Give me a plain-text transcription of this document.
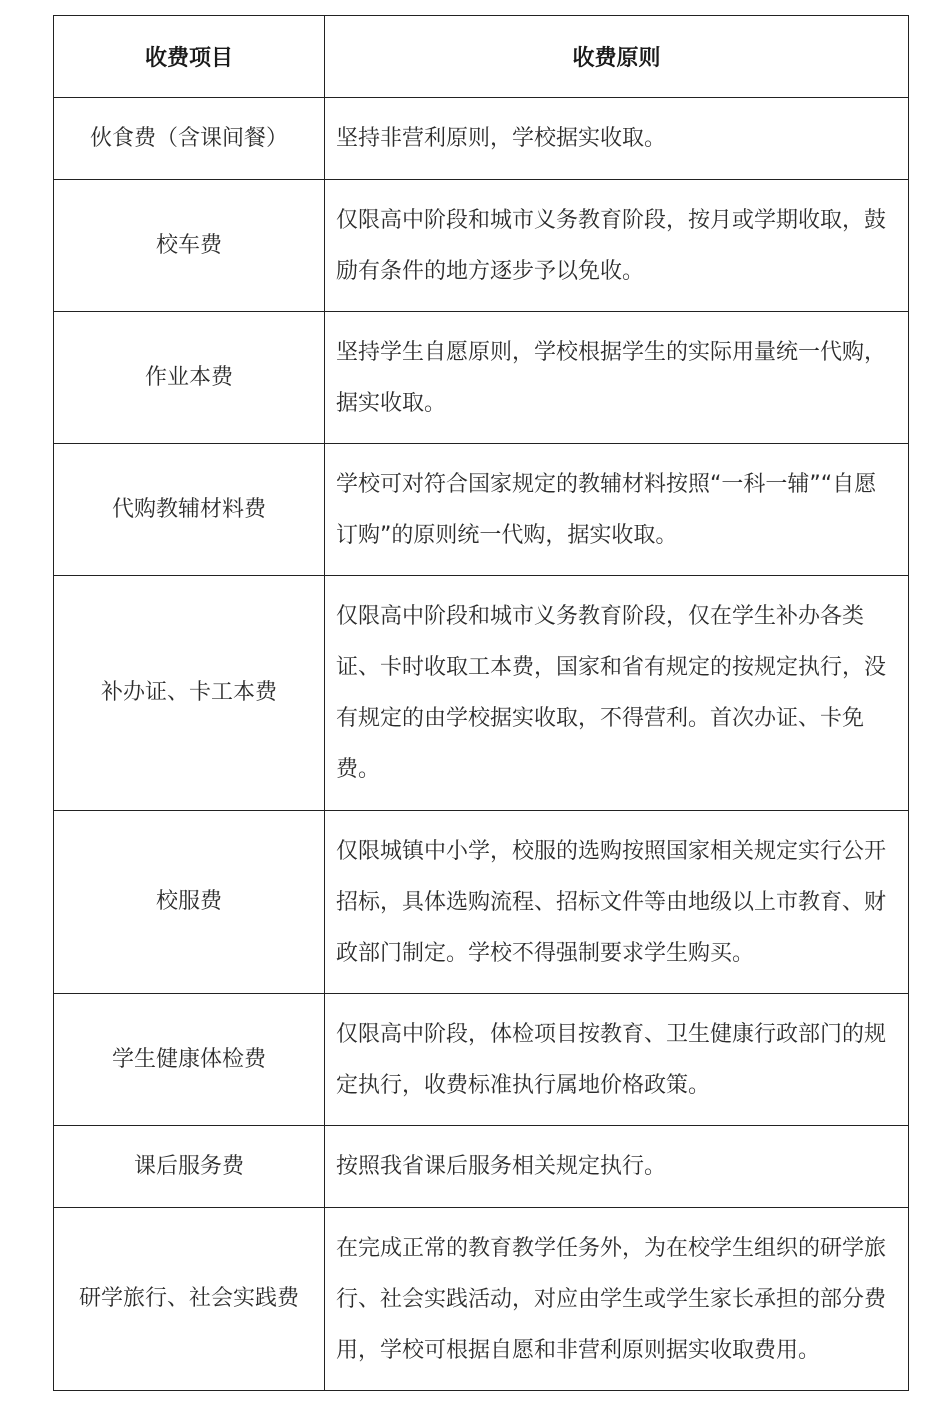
收费项目	收费原则
伙食费（含课间餐）	坚持非营利原则，学校据实收取。
校车费	仅限高中阶段和城市义务教育阶段，按月或学期收取，鼓励有条件的地方逐步予以免收。
作业本费	坚持学生自愿原则，学校根据学生的实际用量统一代购，据实收取。
代购教辅材料费	学校可对符合国家规定的教辅材料按照“一科一辅”“自愿订购”的原则统一代购，据实收取。
补办证、卡工本费	仅限高中阶段和城市义务教育阶段，仅在学生补办各类证、卡时收取工本费，国家和省有规定的按规定执行，没有规定的由学校据实收取，不得营利。首次办证、卡免费。
校服费	仅限城镇中小学，校服的选购按照国家相关规定实行公开招标，具体选购流程、招标文件等由地级以上市教育、财政部门制定。学校不得强制要求学生购买。
学生健康体检费	仅限高中阶段，体检项目按教育、卫生健康行政部门的规定执行，收费标准执行属地价格政策。
课后服务费	按照我省课后服务相关规定执行。
研学旅行、社会实践费	在完成正常的教育教学任务外，为在校学生组织的研学旅行、社会实践活动，对应由学生或学生家长承担的部分费用，学校可根据自愿和非营利原则据实收取费用。
